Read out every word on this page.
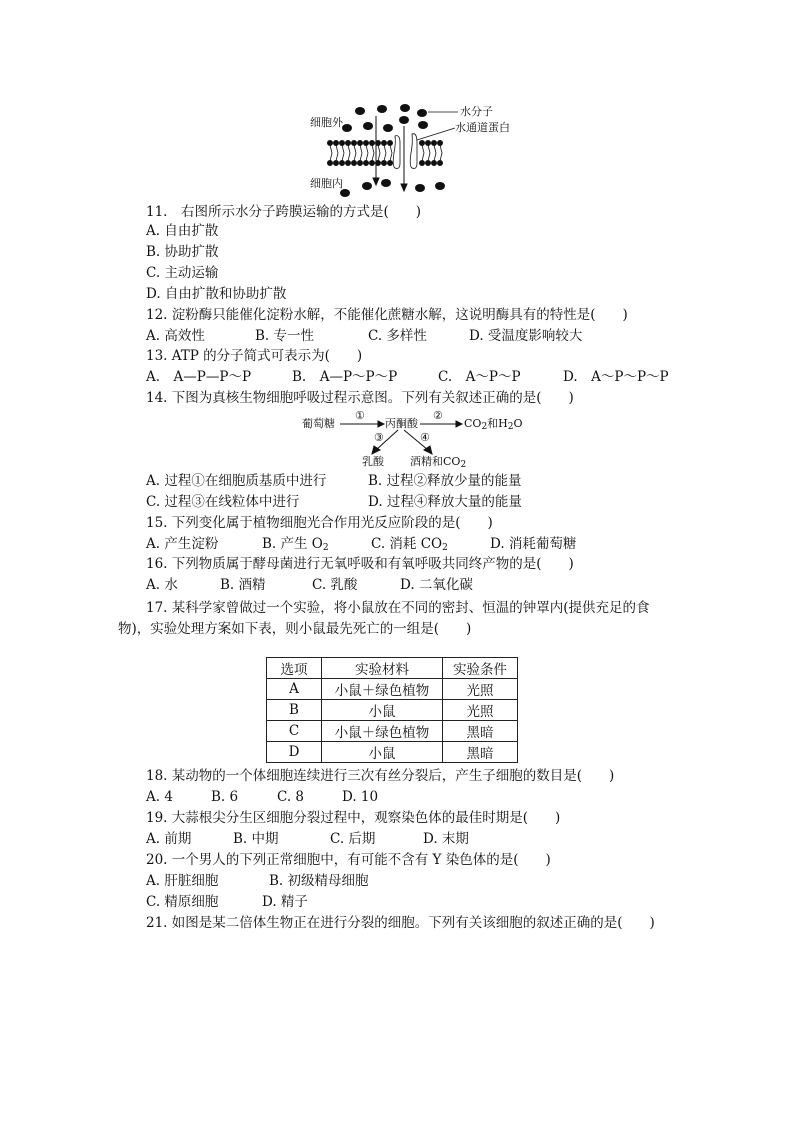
细胞外
细胞内
水分子
水通道蛋白
11.　右图所示水分子跨膜运输的方式是(　　)
A. 自由扩散
B. 协助扩散
C. 主动运输
D. 自由扩散和协助扩散
12. 淀粉酶只能催化淀粉水解，不能催化蔗糖水解，这说明酶具有的特性是(　　)
A. 高效性	B. 专一性	C. 多样性	D. 受温度影响较大
13. ATP 的分子简式可表示为(　　)
A.　A—P—P～P	B.　A—P～P～P	C.　A～P～P	D.　A～P～P～P
14. 下图为真核生物细胞呼吸过程示意图。下列有关叙述正确的是(　　)
葡萄糖	丙酮酸	$CO_2$和$H_2O$
①	②
③	④
乳酸 酒精和$CO_2$
A. 过程①在细胞质基质中进行	B. 过程②释放少量的能量
C. 过程③在线粒体中进行	D. 过程④释放大量的能量
15. 下列变化属于植物细胞光合作用光反应阶段的是(　　)
A. 产生淀粉	B. 产生 $O_2$	C. 消耗 $CO_2$	D. 消耗葡萄糖
16. 下列物质属于酵母菌进行无氧呼吸和有氧呼吸共同终产物的是(　　)
A. 水	B. 酒精	C. 乳酸	D. 二氧化碳
17. 某科学家曾做过一个实验，将小鼠放在不同的密封、恒温的钟罩内(提供充足的食
物)，实验处理方案如下表，则小鼠最先死亡的一组是(　　)
选项	实验材料	实验条件
A	小鼠＋绿色植物	光照
B	小鼠	光照
C	小鼠＋绿色植物	黑暗
D	小鼠	黑暗
18. 某动物的一个体细胞连续进行三次有丝分裂后，产生子细胞的数目是(　　)
A. 4	B. 6	C. 8	D. 10
19. 大蒜根尖分生区细胞分裂过程中，观察染色体的最佳时期是(　　)
A. 前期	B. 中期	C. 后期	D. 末期
20. 一个男人的下列正常细胞中，有可能不含有 Y 染色体的是(　　)
A. 肝脏细胞	B. 初级精母细胞
C. 精原细胞	D. 精子
21. 如图是某二倍体生物正在进行分裂的细胞。下列有关该细胞的叙述正确的是(　　)
